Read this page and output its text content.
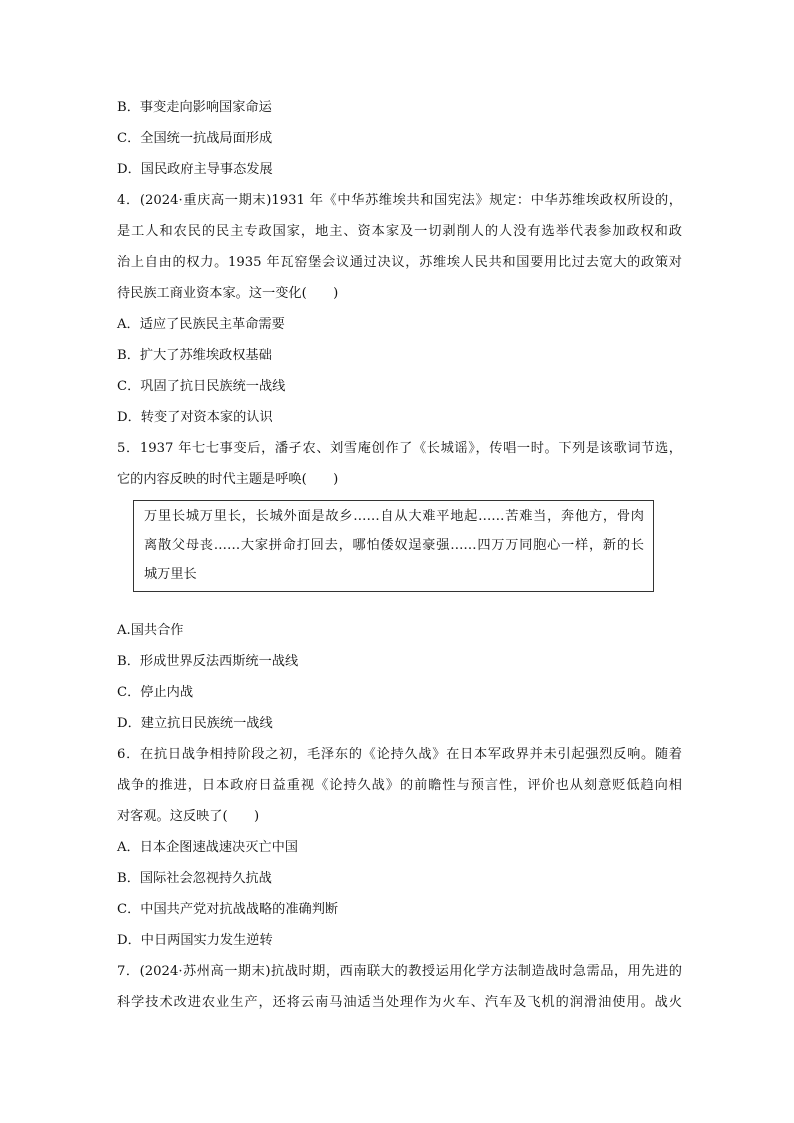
B．事变走向影响国家命运
C．全国统一抗战局面形成
D．国民政府主导事态发展
4．(2024·重庆高一期末)1931 年《中华苏维埃共和国宪法》规定：中华苏维埃政权所设的，
是工人和农民的民主专政国家，地主、资本家及一切剥削人的人没有选举代表参加政权和政
治上自由的权力。1935 年瓦窑堡会议通过决议，苏维埃人民共和国要用比过去宽大的政策对
待民族工商业资本家。这一变化(　　)
A．适应了民族民主革命需要
B．扩大了苏维埃政权基础
C．巩固了抗日民族统一战线
D．转变了对资本家的认识
5．1937 年七七事变后，潘孑农、刘雪庵创作了《长城谣》，传唱一时。下列是该歌词节选，
它的内容反映的时代主题是呼唤(　　)
万里长城万里长，长城外面是故乡……自从大难平地起……苦难当，奔他方，骨肉
离散父母丧……大家拼命打回去，哪怕倭奴逞豪强……四万万同胞心一样，新的长
城万里长
A.国共合作
B．形成世界反法西斯统一战线
C．停止内战
D．建立抗日民族统一战线
6．在抗日战争相持阶段之初，毛泽东的《论持久战》在日本军政界并未引起强烈反响。随着
战争的推进，日本政府日益重视《论持久战》的前瞻性与预言性，评价也从刻意贬低趋向相
对客观。这反映了(　　)
A．日本企图速战速决灭亡中国
B．国际社会忽视持久抗战
C．中国共产党对抗战战略的准确判断
D．中日两国实力发生逆转
7．(2024·苏州高一期末)抗战时期，西南联大的教授运用化学方法制造战时急需品，用先进的
科学技术改进农业生产，还将云南马油适当处理作为火车、汽车及飞机的润滑油使用。战火
